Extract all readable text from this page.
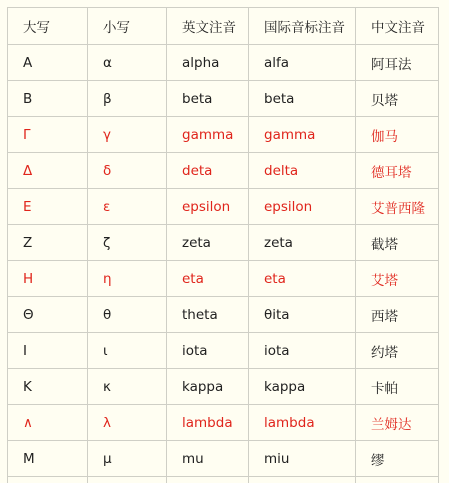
大写	小写	英文注音	国际音标注音	中文注音
A	α	alpha	alfa	阿耳法
B	β	beta	beta	贝塔
Γ	γ	gamma	gamma	伽马
Δ	δ	deta	delta	德耳塔
Ε	ε	epsilon	epsilon	艾普西隆
Ζ	ζ	zeta	zeta	截塔
Η	η	eta	eta	艾塔
Θ	θ	theta	θita	西塔
Ι	ι	iota	iota	约塔
Κ	κ	kappa	kappa	卡帕
∧	λ	lambda	lambda	兰姆达
Μ	μ	mu	miu	缪
